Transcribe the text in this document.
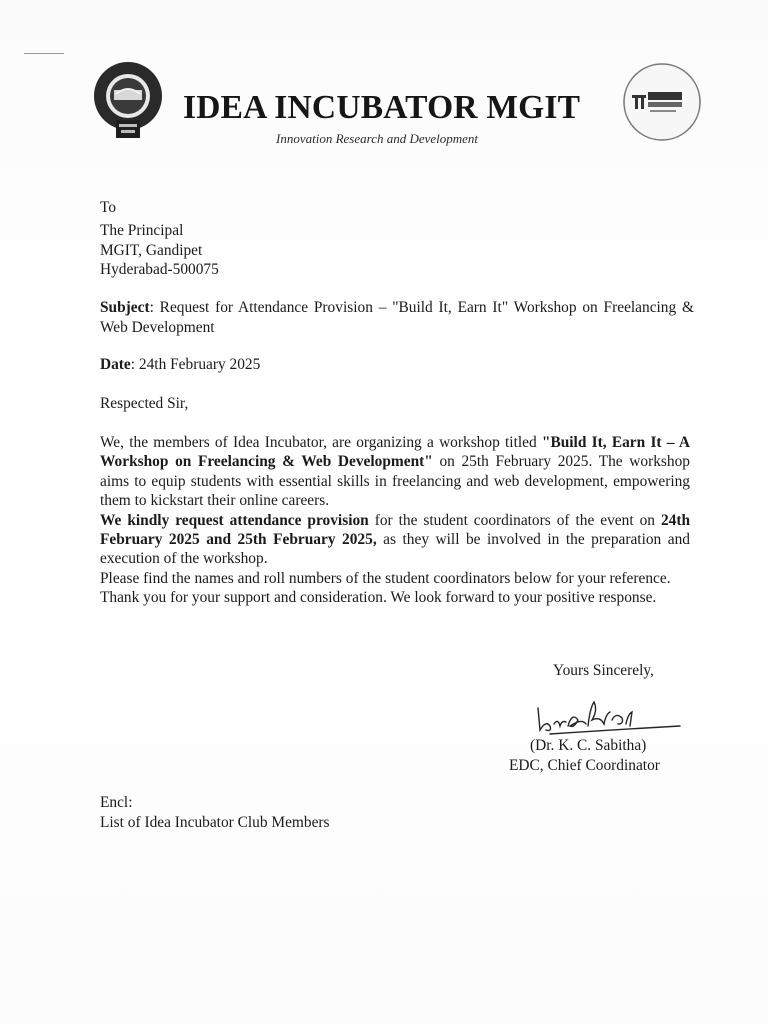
IDEA INCUBATOR MGIT
Innovation Research and Development
To
The Principal
MGIT, Gandipet
Hyderabad-500075
Subject: Request for Attendance Provision – "Build It, Earn It" Workshop on Freelancing & Web Development
Date: 24th February 2025
Respected Sir,

We, the members of Idea Incubator, are organizing a workshop titled "Build It, Earn It – A Workshop on Freelancing & Web Development" on 25th February 2025. The workshop aims to equip students with essential skills in freelancing and web development, empowering them to kickstart their online careers.

We kindly request attendance provision for the student coordinators of the event on 24th February 2025 and 25th February 2025, as they will be involved in the preparation and execution of the workshop.

Please find the names and roll numbers of the student coordinators below for your reference.

Thank you for your support and consideration. We look forward to your positive response.

Yours Sincerely,
(Dr. K. C. Sabitha)
EDC, Chief Coordinator
Encl:
List of Idea Incubator Club Members
